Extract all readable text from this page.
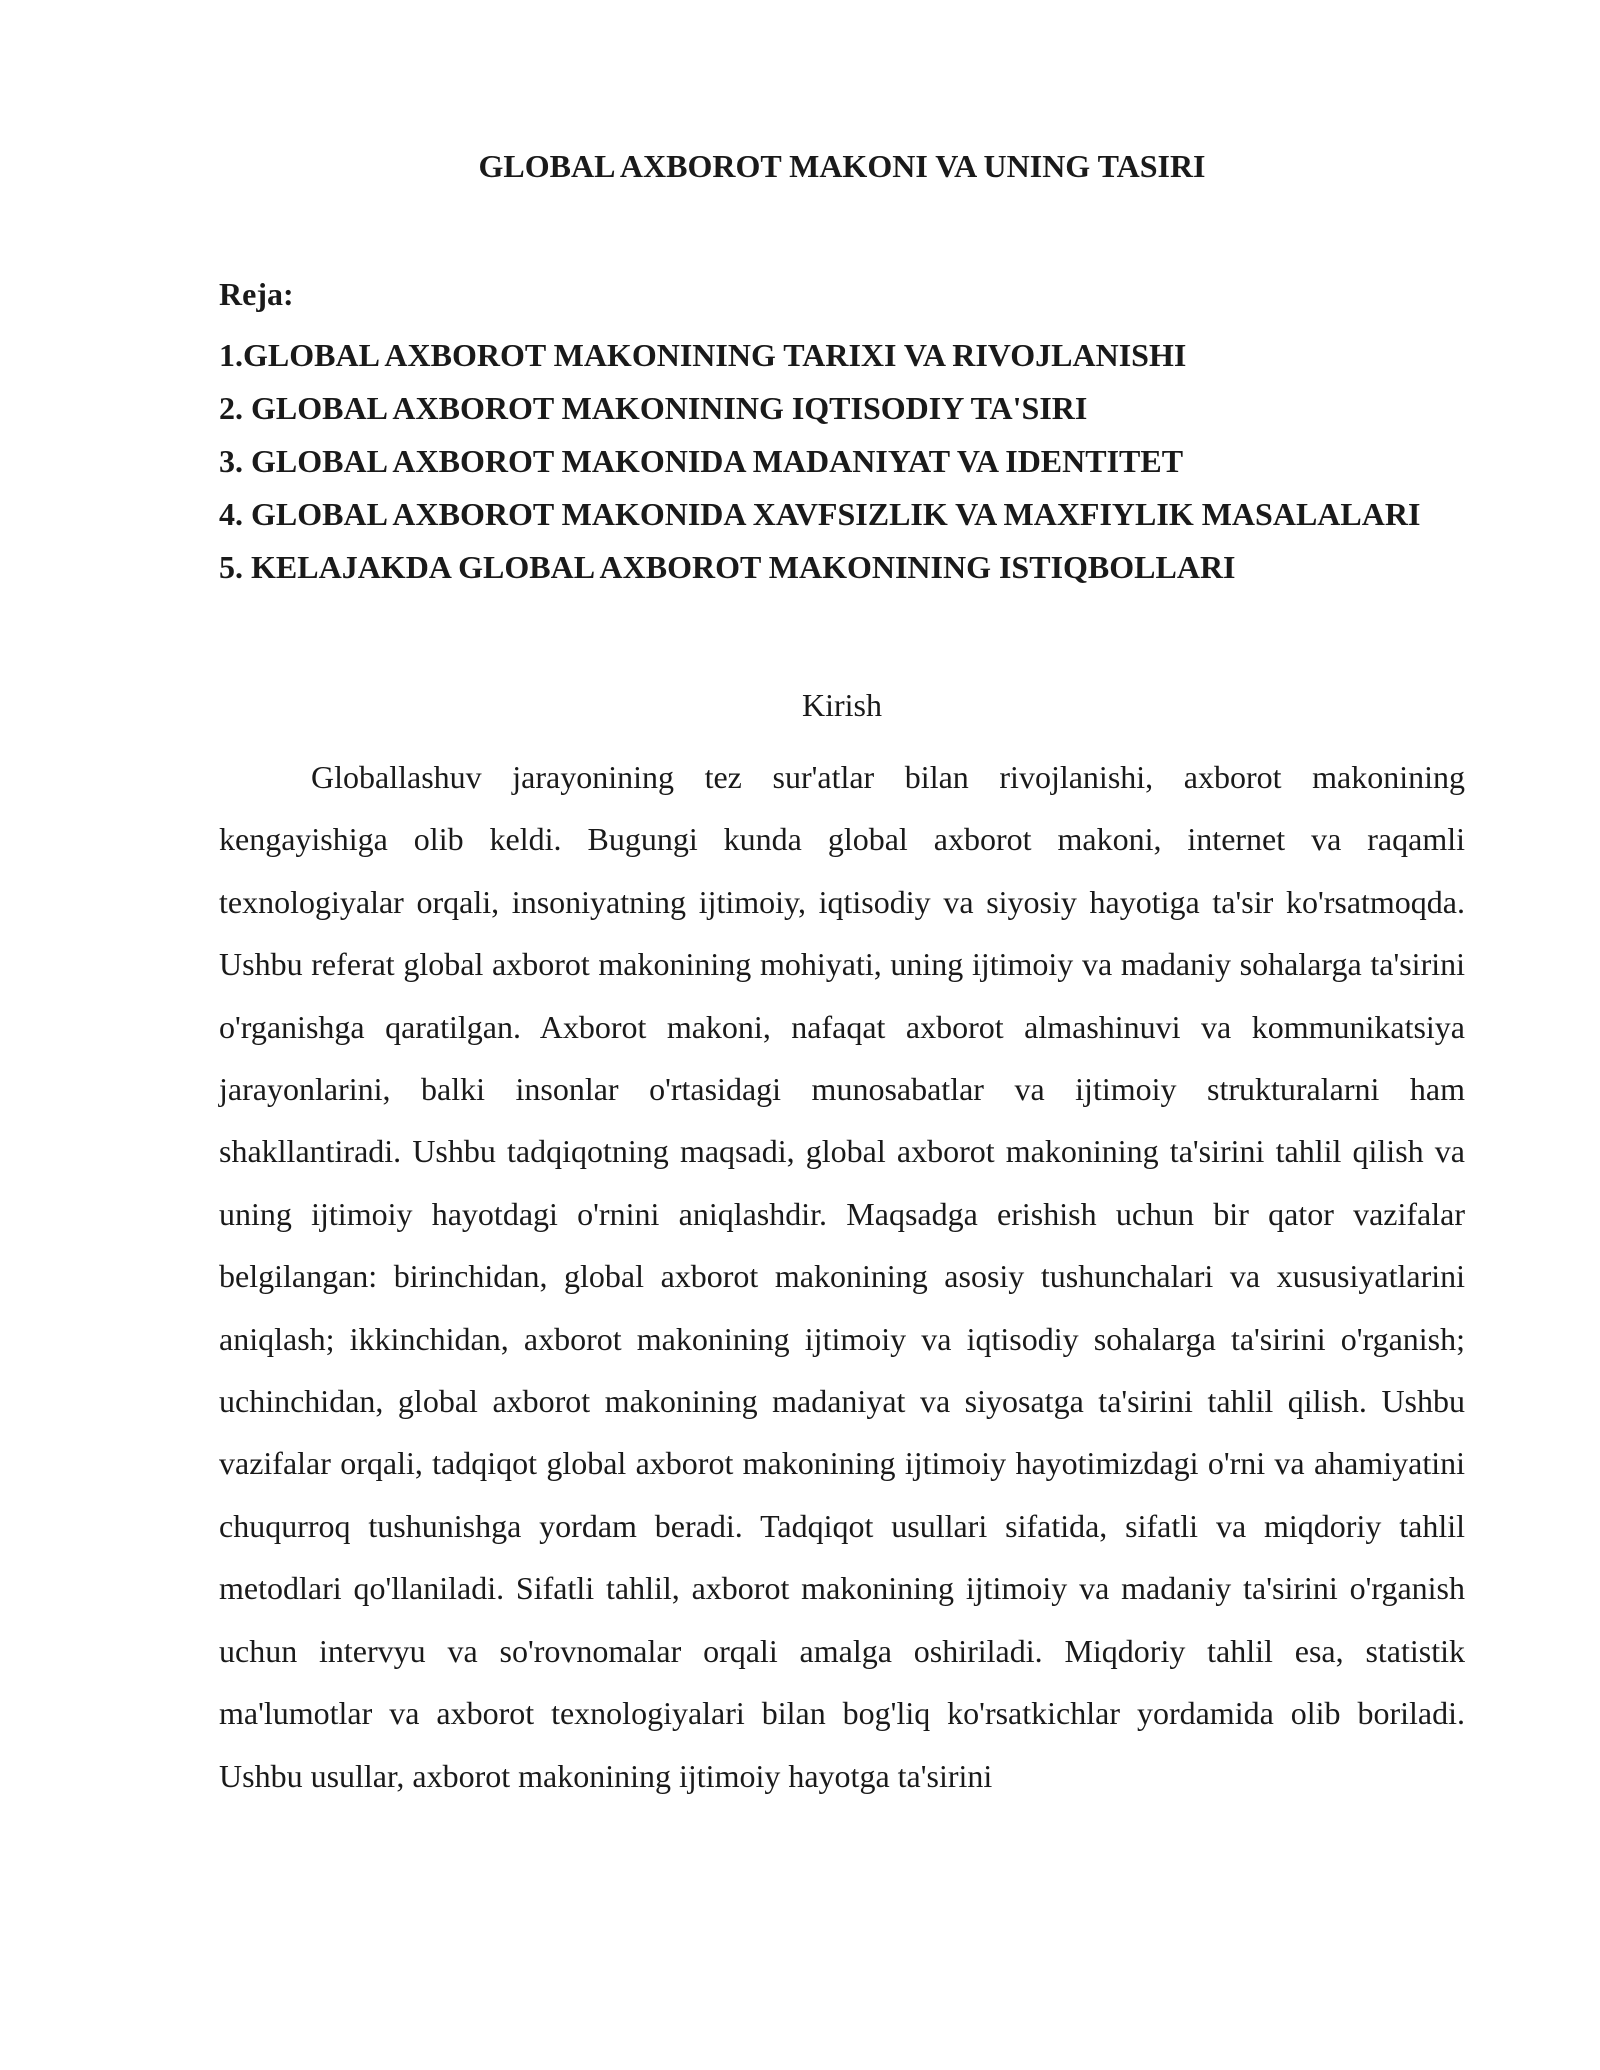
GLOBAL AXBOROT MAKONI VA UNING TASIRI
Reja:
1.GLOBAL AXBOROT MAKONINING TARIXI VA RIVOJLANISHI
2. GLOBAL AXBOROT MAKONINING IQTISODIY TA'SIRI
3. GLOBAL AXBOROT MAKONIDA MADANIYAT VA IDENTITET
4. GLOBAL AXBOROT MAKONIDA XAVFSIZLIK VA MAXFIYLIK MASALALARI
5. KELAJAKDA GLOBAL AXBOROT MAKONINING ISTIQBOLLARI
Kirish

Globallashuv jarayonining tez sur'atlar bilan rivojlanishi, axborot makonining kengayishiga olib keldi. Bugungi kunda global axborot makoni, internet va raqamli texnologiyalar orqali, insoniyatning ijtimoiy, iqtisodiy va siyosiy hayotiga ta'sir ko'rsatmoqda. Ushbu referat global axborot makonining mohiyati, uning ijtimoiy va madaniy sohalarga ta'sirini o'rganishga qaratilgan. Axborot makoni, nafaqat axborot almashinuvi va kommunikatsiya jarayonlarini, balki insonlar o'rtasidagi munosabatlar va ijtimoiy strukturalarni ham shakllantiradi. Ushbu tadqiqotning maqsadi, global axborot makonining ta'sirini tahlil qilish va uning ijtimoiy hayotdagi o'rnini aniqlashdir. Maqsadga erishish uchun bir qator vazifalar belgilangan: birinchidan, global axborot makonining asosiy tushunchalari va xususiyatlarini aniqlash; ikkinchidan, axborot makonining ijtimoiy va iqtisodiy sohalarga ta'sirini o'rganish; uchinchidan, global axborot makonining madaniyat va siyosatga ta'sirini tahlil qilish. Ushbu vazifalar orqali, tadqiqot global axborot makonining ijtimoiy hayotimizdagi o'rni va ahamiyatini chuqurroq tushunishga yordam beradi. Tadqiqot usullari sifatida, sifatli va miqdoriy tahlil metodlari qo'llaniladi. Sifatli tahlil, axborot makonining ijtimoiy va madaniy ta'sirini o'rganish uchun intervyu va so'rovnomalar orqali amalga oshiriladi. Miqdoriy tahlil esa, statistik ma'lumotlar va axborot texnologiyalari bilan bog'liq ko'rsatkichlar yordamida olib boriladi. Ushbu usullar, axborot makonining ijtimoiy hayotga ta'sirini
